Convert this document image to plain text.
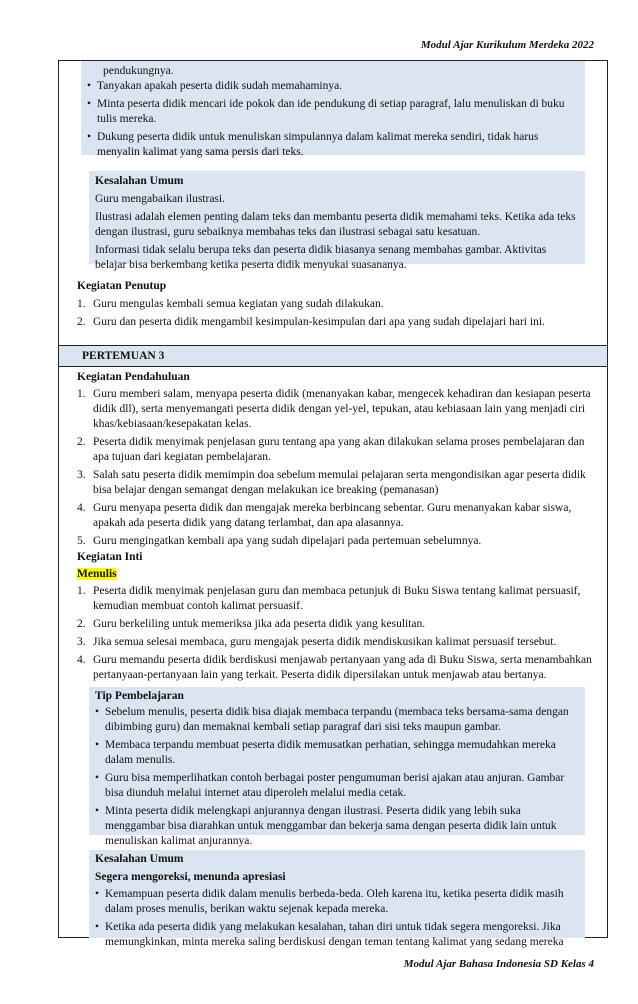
Modul Ajar Kurikulum Merdeka 2022
pendukungnya.
• Tanyakan apakah peserta didik sudah memahaminya.
• Minta peserta didik mencari ide pokok dan ide pendukung di setiap paragraf, lalu menuliskan di buku tulis mereka.
• Dukung peserta didik untuk menuliskan simpulannya dalam kalimat mereka sendiri, tidak harus menyalin kalimat yang sama persis dari teks.

Kesalahan Umum

Guru mengabaikan ilustrasi.

Ilustrasi adalah elemen penting dalam teks dan membantu peserta didik memahami teks. Ketika ada teks dengan ilustrasi, guru sebaiknya membahas teks dan ilustrasi sebagai satu kesatuan.

Informasi tidak selalu berupa teks dan peserta didik biasanya senang membahas gambar. Aktivitas belajar bisa berkembang ketika peserta didik menyukai suasananya.

Kegiatan Penutup

1. Guru mengulas kembali semua kegiatan yang sudah dilakukan.
2. Guru dan peserta didik mengambil kesimpulan-kesimpulan dari apa yang sudah dipelajari hari ini.
PERTEMUAN 3

Kegiatan Pendahuluan

1. Guru memberi salam, menyapa peserta didik (menanyakan kabar, mengecek kehadiran dan kesiapan peserta didik dll), serta menyemangati peserta didik dengan yel-yel, tepukan, atau kebiasaan lain yang menjadi ciri khas/kebiasaan/kesepakatan kelas.
2. Peserta didik menyimak penjelasan guru tentang apa yang akan dilakukan selama proses pembelajaran dan apa tujuan dari kegiatan pembelajaran.
3. Salah satu peserta didik memimpin doa sebelum memulai pelajaran serta mengondisikan agar peserta didik bisa belajar dengan semangat dengan melakukan ice breaking (pemanasan)
4. Guru menyapa peserta didik dan mengajak mereka berbincang sebentar. Guru menanyakan kabar siswa, apakah ada peserta didik yang datang terlambat, dan apa alasannya.
5. Guru mengingatkan kembali apa yang sudah dipelajari pada pertemuan sebelumnya.

Kegiatan Inti

Menulis

1. Peserta didik menyimak penjelasan guru dan membaca petunjuk di Buku Siswa tentang kalimat persuasif, kemudian membuat contoh kalimat persuasif.
2. Guru berkeliling untuk memeriksa jika ada peserta didik yang kesulitan.
3. Jika semua selesai membaca, guru mengajak peserta didik mendiskusikan kalimat persuasif tersebut.
4. Guru memandu peserta didik berdiskusi menjawab pertanyaan yang ada di Buku Siswa, serta menambahkan pertanyaan-pertanyaan lain yang terkait. Peserta didik dipersilakan untuk menjawab atau bertanya.

Tip Pembelajaran

• Sebelum menulis, peserta didik bisa diajak membaca terpandu (membaca teks bersama-sama dengan dibimbing guru) dan memaknai kembali setiap paragraf dari sisi teks maupun gambar.
• Membaca terpandu membuat peserta didik memusatkan perhatian, sehingga memudahkan mereka dalam menulis.
• Guru bisa memperlihatkan contoh berbagai poster pengumuman berisi ajakan atau anjuran. Gambar bisa diunduh melalui internet atau diperoleh melalui media cetak.
• Minta peserta didik melengkapi anjurannya dengan ilustrasi. Peserta didik yang lebih suka menggambar bisa diarahkan untuk menggambar dan bekerja sama dengan peserta didik lain untuk menuliskan kalimat anjurannya.

Kesalahan Umum

Segera mengoreksi, menunda apresiasi

• Kemampuan peserta didik dalam menulis berbeda-beda. Oleh karena itu, ketika peserta didik masih dalam proses menulis, berikan waktu sejenak kepada mereka.
• Ketika ada peserta didik yang melakukan kesalahan, tahan diri untuk tidak segera mengoreksi. Jika memungkinkan, minta mereka saling berdiskusi dengan teman tentang kalimat yang sedang mereka
Modul Ajar Bahasa Indonesia SD Kelas 4
